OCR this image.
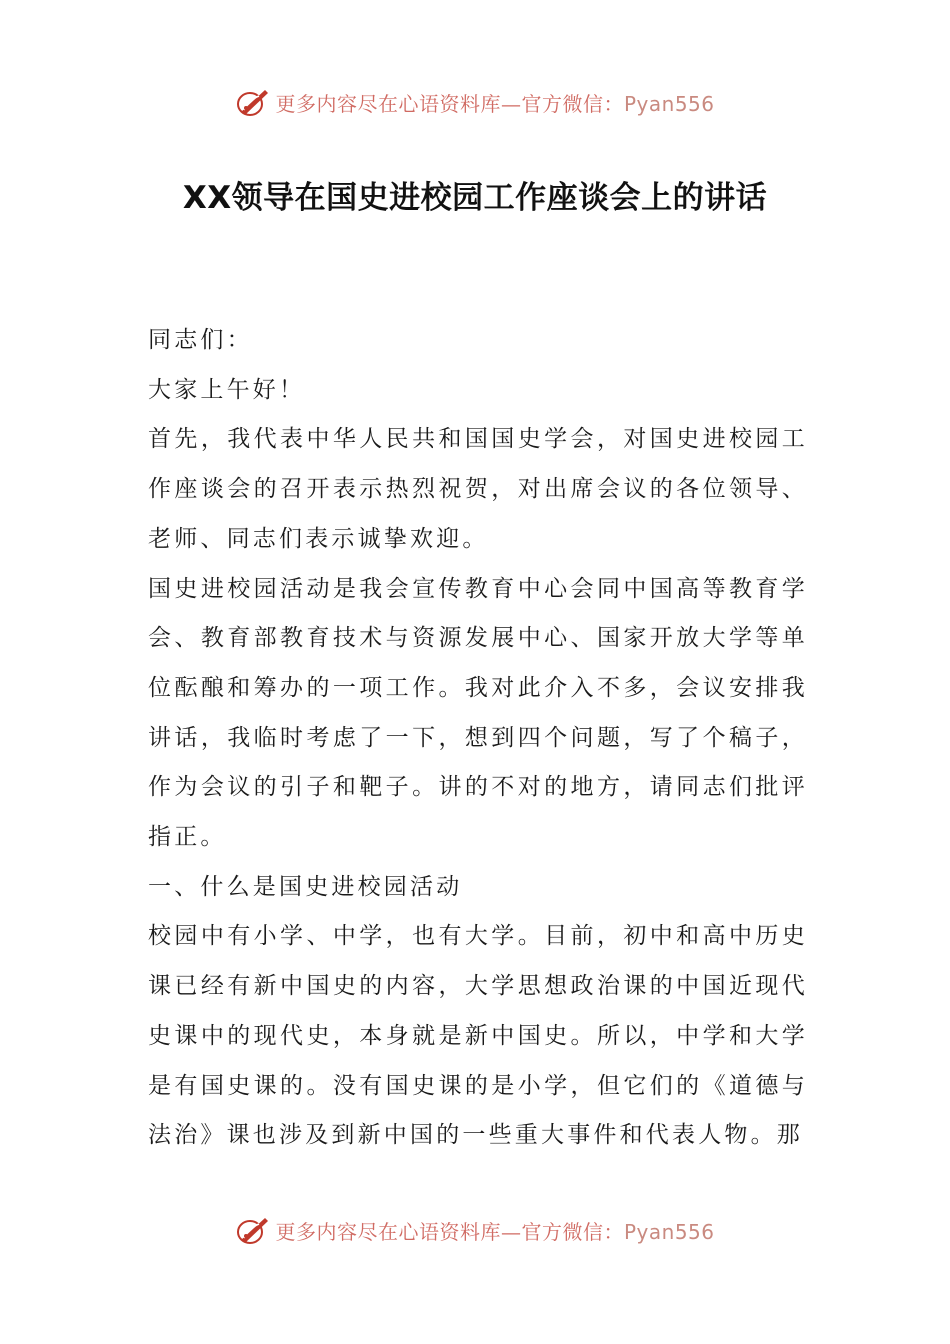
更多内容尽在心语资料库—官方微信：Pyan556
XX领导在国史进校园工作座谈会上的讲话

同志们：

大家上午好！

首先，我代表中华人民共和国国史学会，对国史进校园工作座谈会的召开表示热烈祝贺，对出席会议的各位领导、老师、同志们表示诚挚欢迎。

国史进校园活动是我会宣传教育中心会同中国高等教育学会、教育部教育技术与资源发展中心、国家开放大学等单位酝酿和筹办的一项工作。我对此介入不多，会议安排我讲话，我临时考虑了一下，想到四个问题，写了个稿子，作为会议的引子和靶子。讲的不对的地方，请同志们批评指正。

一、什么是国史进校园活动

校园中有小学、中学，也有大学。目前，初中和高中历史课已经有新中国史的内容，大学思想政治课的中国近现代史课中的现代史，本身就是新中国史。所以，中学和大学是有国史课的。没有国史课的是小学，但它们的《道德与法治》课也涉及到新中国的一些重大事件和代表人物。那

更多内容尽在心语资料库—官方微信：Pyan556
